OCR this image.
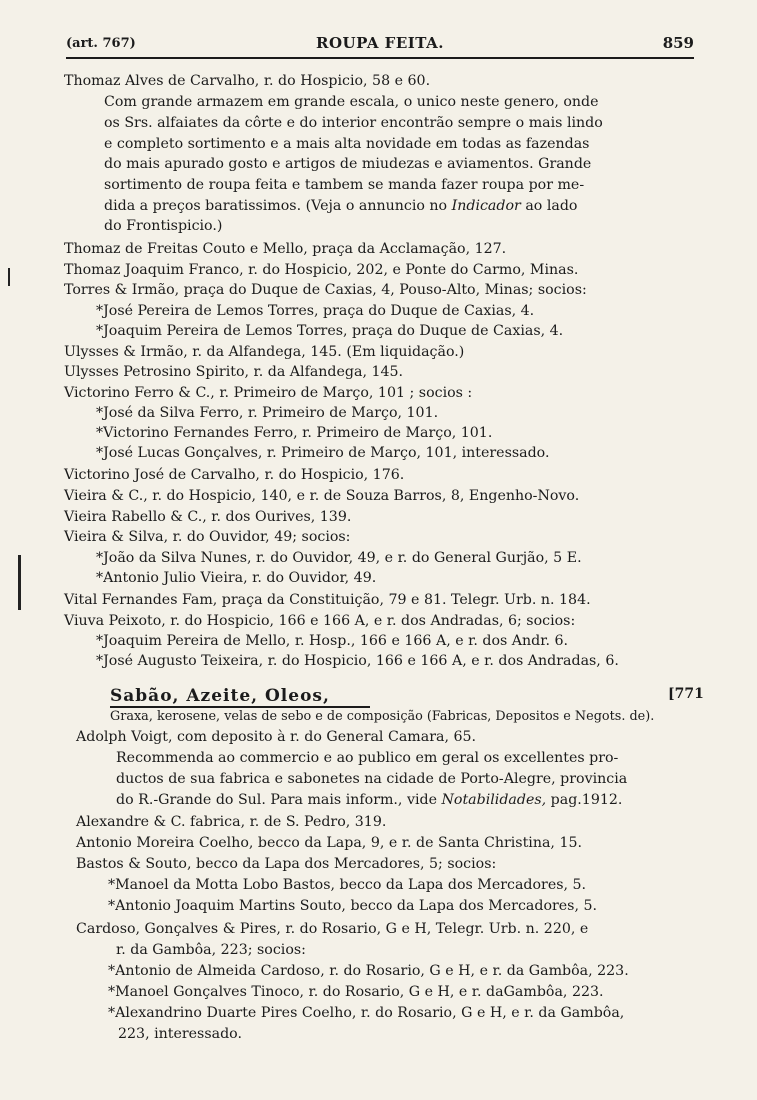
(art. 767)	ROUPA FEITA.	859
Thomaz Alves de Carvalho, r. do Hospicio, 58 e 60.
Com grande armazem em grande escala, o unico neste genero, onde
os Srs. alfaiates da côrte e do interior encontrão sempre o mais lindo
e completo sortimento e a mais alta novidade em todas as fazendas
do mais apurado gosto e artigos de miudezas e aviamentos. Grande
sortimento de roupa feita e tambem se manda fazer roupa por me-
dida a preços baratissimos. (Veja o annuncio no Indicador ao lado
do Frontispicio.)
Thomaz de Freitas Couto e Mello, praça da Acclamação, 127.
Thomaz Joaquim Franco, r. do Hospicio, 202, e Ponte do Carmo, Minas.
Torres & Irmão, praça do Duque de Caxias, 4, Pouso-Alto, Minas; socios:
*José Pereira de Lemos Torres, praça do Duque de Caxias, 4.
*Joaquim Pereira de Lemos Torres, praça do Duque de Caxias, 4.
Ulysses & Irmão, r. da Alfandega, 145. (Em liquidação.)
Ulysses Petrosino Spirito, r. da Alfandega, 145.
Victorino Ferro & C., r. Primeiro de Março, 101 ; socios :
*José da Silva Ferro, r. Primeiro de Março, 101.
*Victorino Fernandes Ferro, r. Primeiro de Março, 101.
*José Lucas Gonçalves, r. Primeiro de Março, 101, interessado.
Victorino José de Carvalho, r. do Hospicio, 176.
Vieira & C., r. do Hospicio, 140, e r. de Souza Barros, 8, Engenho-Novo.
Vieira Rabello & C., r. dos Ourives, 139.
Vieira & Silva, r. do Ouvidor, 49; socios:
*João da Silva Nunes, r. do Ouvidor, 49, e r. do General Gurjão, 5 E.
*Antonio Julio Vieira, r. do Ouvidor, 49.
Vital Fernandes Fam, praça da Constituição, 79 e 81. Telegr. Urb. n. 184.
Viuva Peixoto, r. do Hospicio, 166 e 166 A, e r. dos Andradas, 6; socios:
*Joaquim Pereira de Mello, r. Hosp., 166 e 166 A, e r. dos Andr. 6.
*José Augusto Teixeira, r. do Hospicio, 166 e 166 A, e r. dos Andradas, 6.
Sabão, Azeite, Oleos,	[771
Graxa, kerosene, velas de sebo e de composição (Fabricas, Depositos e Negots. de).
Adolph Voigt, com deposito à r. do General Camara, 65.
Recommenda ao commercio e ao publico em geral os excellentes pro-
ductos de sua fabrica e sabonetes na cidade de Porto-Alegre, provincia
do R.-Grande do Sul. Para mais inform., vide Notabilidades, pag.1912.
Alexandre & C. fabrica, r. de S. Pedro, 319.
Antonio Moreira Coelho, becco da Lapa, 9, e r. de Santa Christina, 15.
Bastos & Souto, becco da Lapa dos Mercadores, 5; socios:
*Manoel da Motta Lobo Bastos, becco da Lapa dos Mercadores, 5.
*Antonio Joaquim Martins Souto, becco da Lapa dos Mercadores, 5.
Cardoso, Gonçalves & Pires, r. do Rosario, G e H, Telegr. Urb. n. 220, e
r. da Gambôa, 223; socios:
*Antonio de Almeida Cardoso, r. do Rosario, G e H, e r. da Gambôa, 223.
*Manoel Gonçalves Tinoco, r. do Rosario, G e H, e r. daGambôa, 223.
*Alexandrino Duarte Pires Coelho, r. do Rosario, G e H, e r. da Gambôa,
223, interessado.
